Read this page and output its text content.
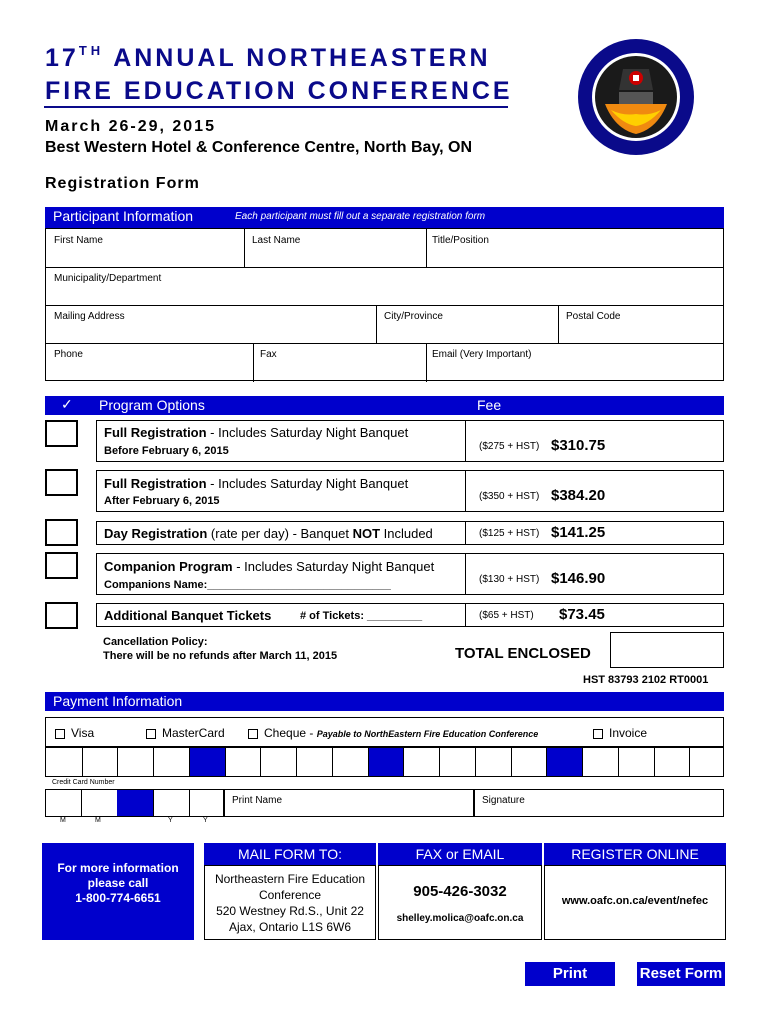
17TH ANNUAL NORTHEASTERN
FIRE EDUCATION CONFERENCE
March 26-29, 2015
Best Western Hotel & Conference Centre, North Bay, ON
Registration Form
Participant Information	Each participant must fill out a separate registration form
First Name	Last Name	Title/Position
Municipality/Department
Mailing Address	City/Province	Postal Code
Phone	Fax	Email (Very Important)
✓ Program Options	Fee
Full Registration - Includes Saturday Night Banquet
Before February 6, 2015	($275 + HST) $310.75
Full Registration - Includes Saturday Night Banquet
After February 6, 2015	($350 + HST) $384.20
Day Registration (rate per day) - Banquet NOT Included	($125 + HST) $141.25
Companion Program - Includes Saturday Night Banquet
Companions Name:______________________________	($130 + HST) $146.90
Additional Banquet Tickets	# of Tickets: _________	($65 + HST) $73.45
Cancellation Policy:
There will be no refunds after March 11, 2015	TOTAL ENCLOSED
HST 83793 2102 RT0001
Payment Information
Visa	MasterCard	Cheque - Payable to NorthEastern Fire Education Conference	Invoice
Credit Card Number
M	M	Y	Y
Print Name	Signature
For more information
please call
1-800-774-6651
MAIL FORM TO:	FAX or EMAIL	REGISTER ONLINE
Northeastern Fire Education
Conference
520 Westney Rd.S., Unit 22
Ajax, Ontario L1S 6W6
905-426-3032
shelley.molica@oafc.on.ca
www.oafc.on.ca/event/nefec
Print	Reset Form
